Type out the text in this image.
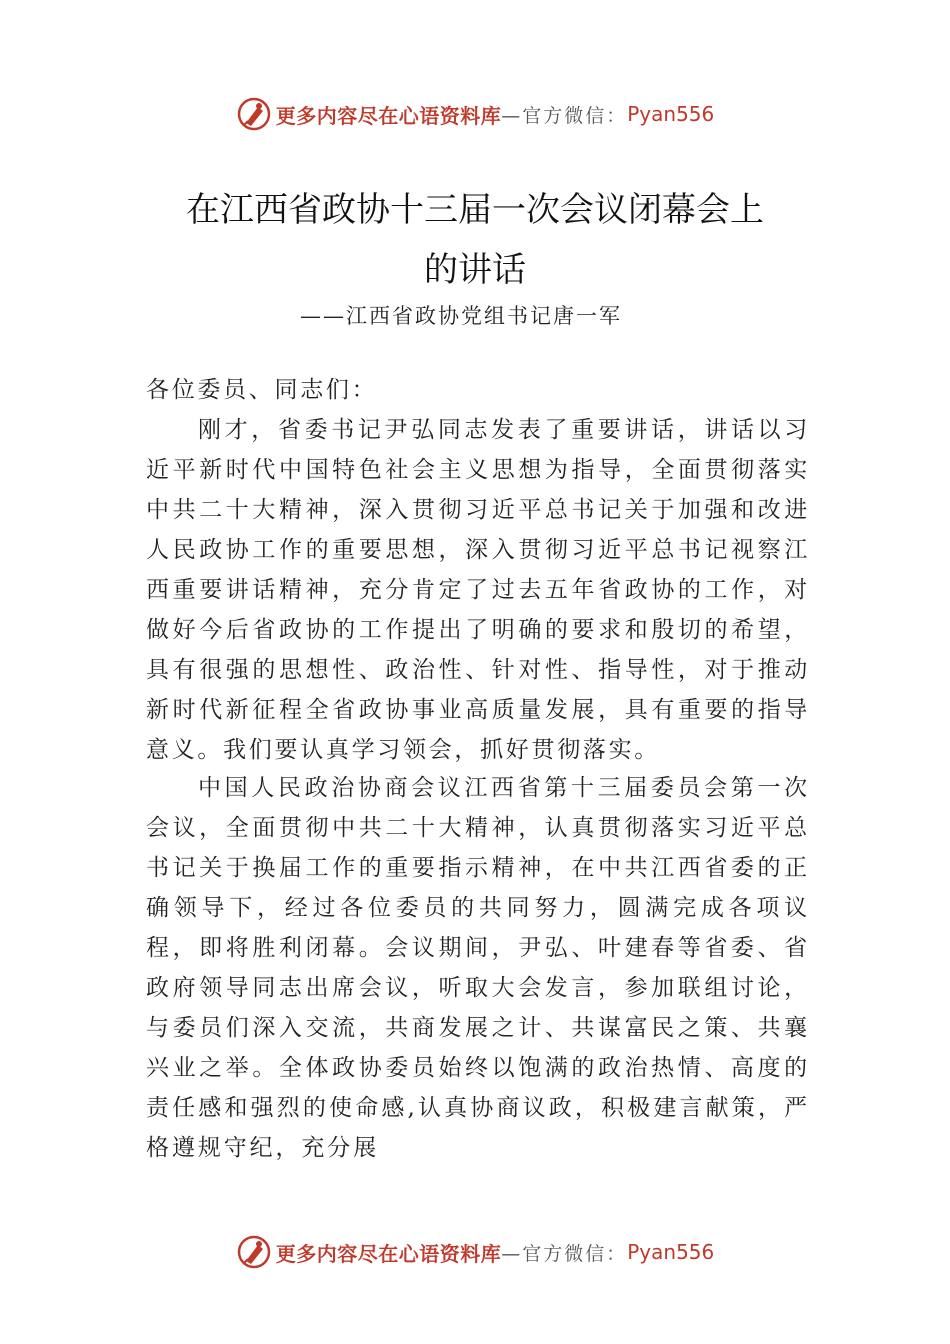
更多内容尽在心语资料库 —官方微信： Pyan556
在江西省政协十三届一次会议闭幕会上
的讲话
——江西省政协党组书记唐一军
各位委员、同志们：
刚才，省委书记尹弘同志发表了重要讲话，讲话以习近平新时代中国特色社会主义思想为指导，全面贯彻落实中共二十大精神，深入贯彻习近平总书记关于加强和改进人民政协工作的重要思想，深入贯彻习近平总书记视察江西重要讲话精神，充分肯定了过去五年省政协的工作，对做好今后省政协的工作提出了明确的要求和殷切的希望，具有很强的思想性、政治性、针对性、指导性，对于推动新时代新征程全省政协事业高质量发展，具有重要的指导意义。我们要认真学习领会，抓好贯彻落实。
中国人民政治协商会议江西省第十三届委员会第一次会议，全面贯彻中共二十大精神，认真贯彻落实习近平总书记关于换届工作的重要指示精神，在中共江西省委的正确领导下，经过各位委员的共同努力，圆满完成各项议程，即将胜利闭幕。会议期间，尹弘、叶建春等省委、省政府领导同志出席会议，听取大会发言，参加联组讨论，与委员们深入交流，共商发展之计、共谋富民之策、共襄兴业之举。全体政协委员始终以饱满的政治热情、高度的责任感和强烈的使命感,认真协商议政，积极建言献策，严格遵规守纪，充分展
更多内容尽在心语资料库 —官方微信： Pyan556
